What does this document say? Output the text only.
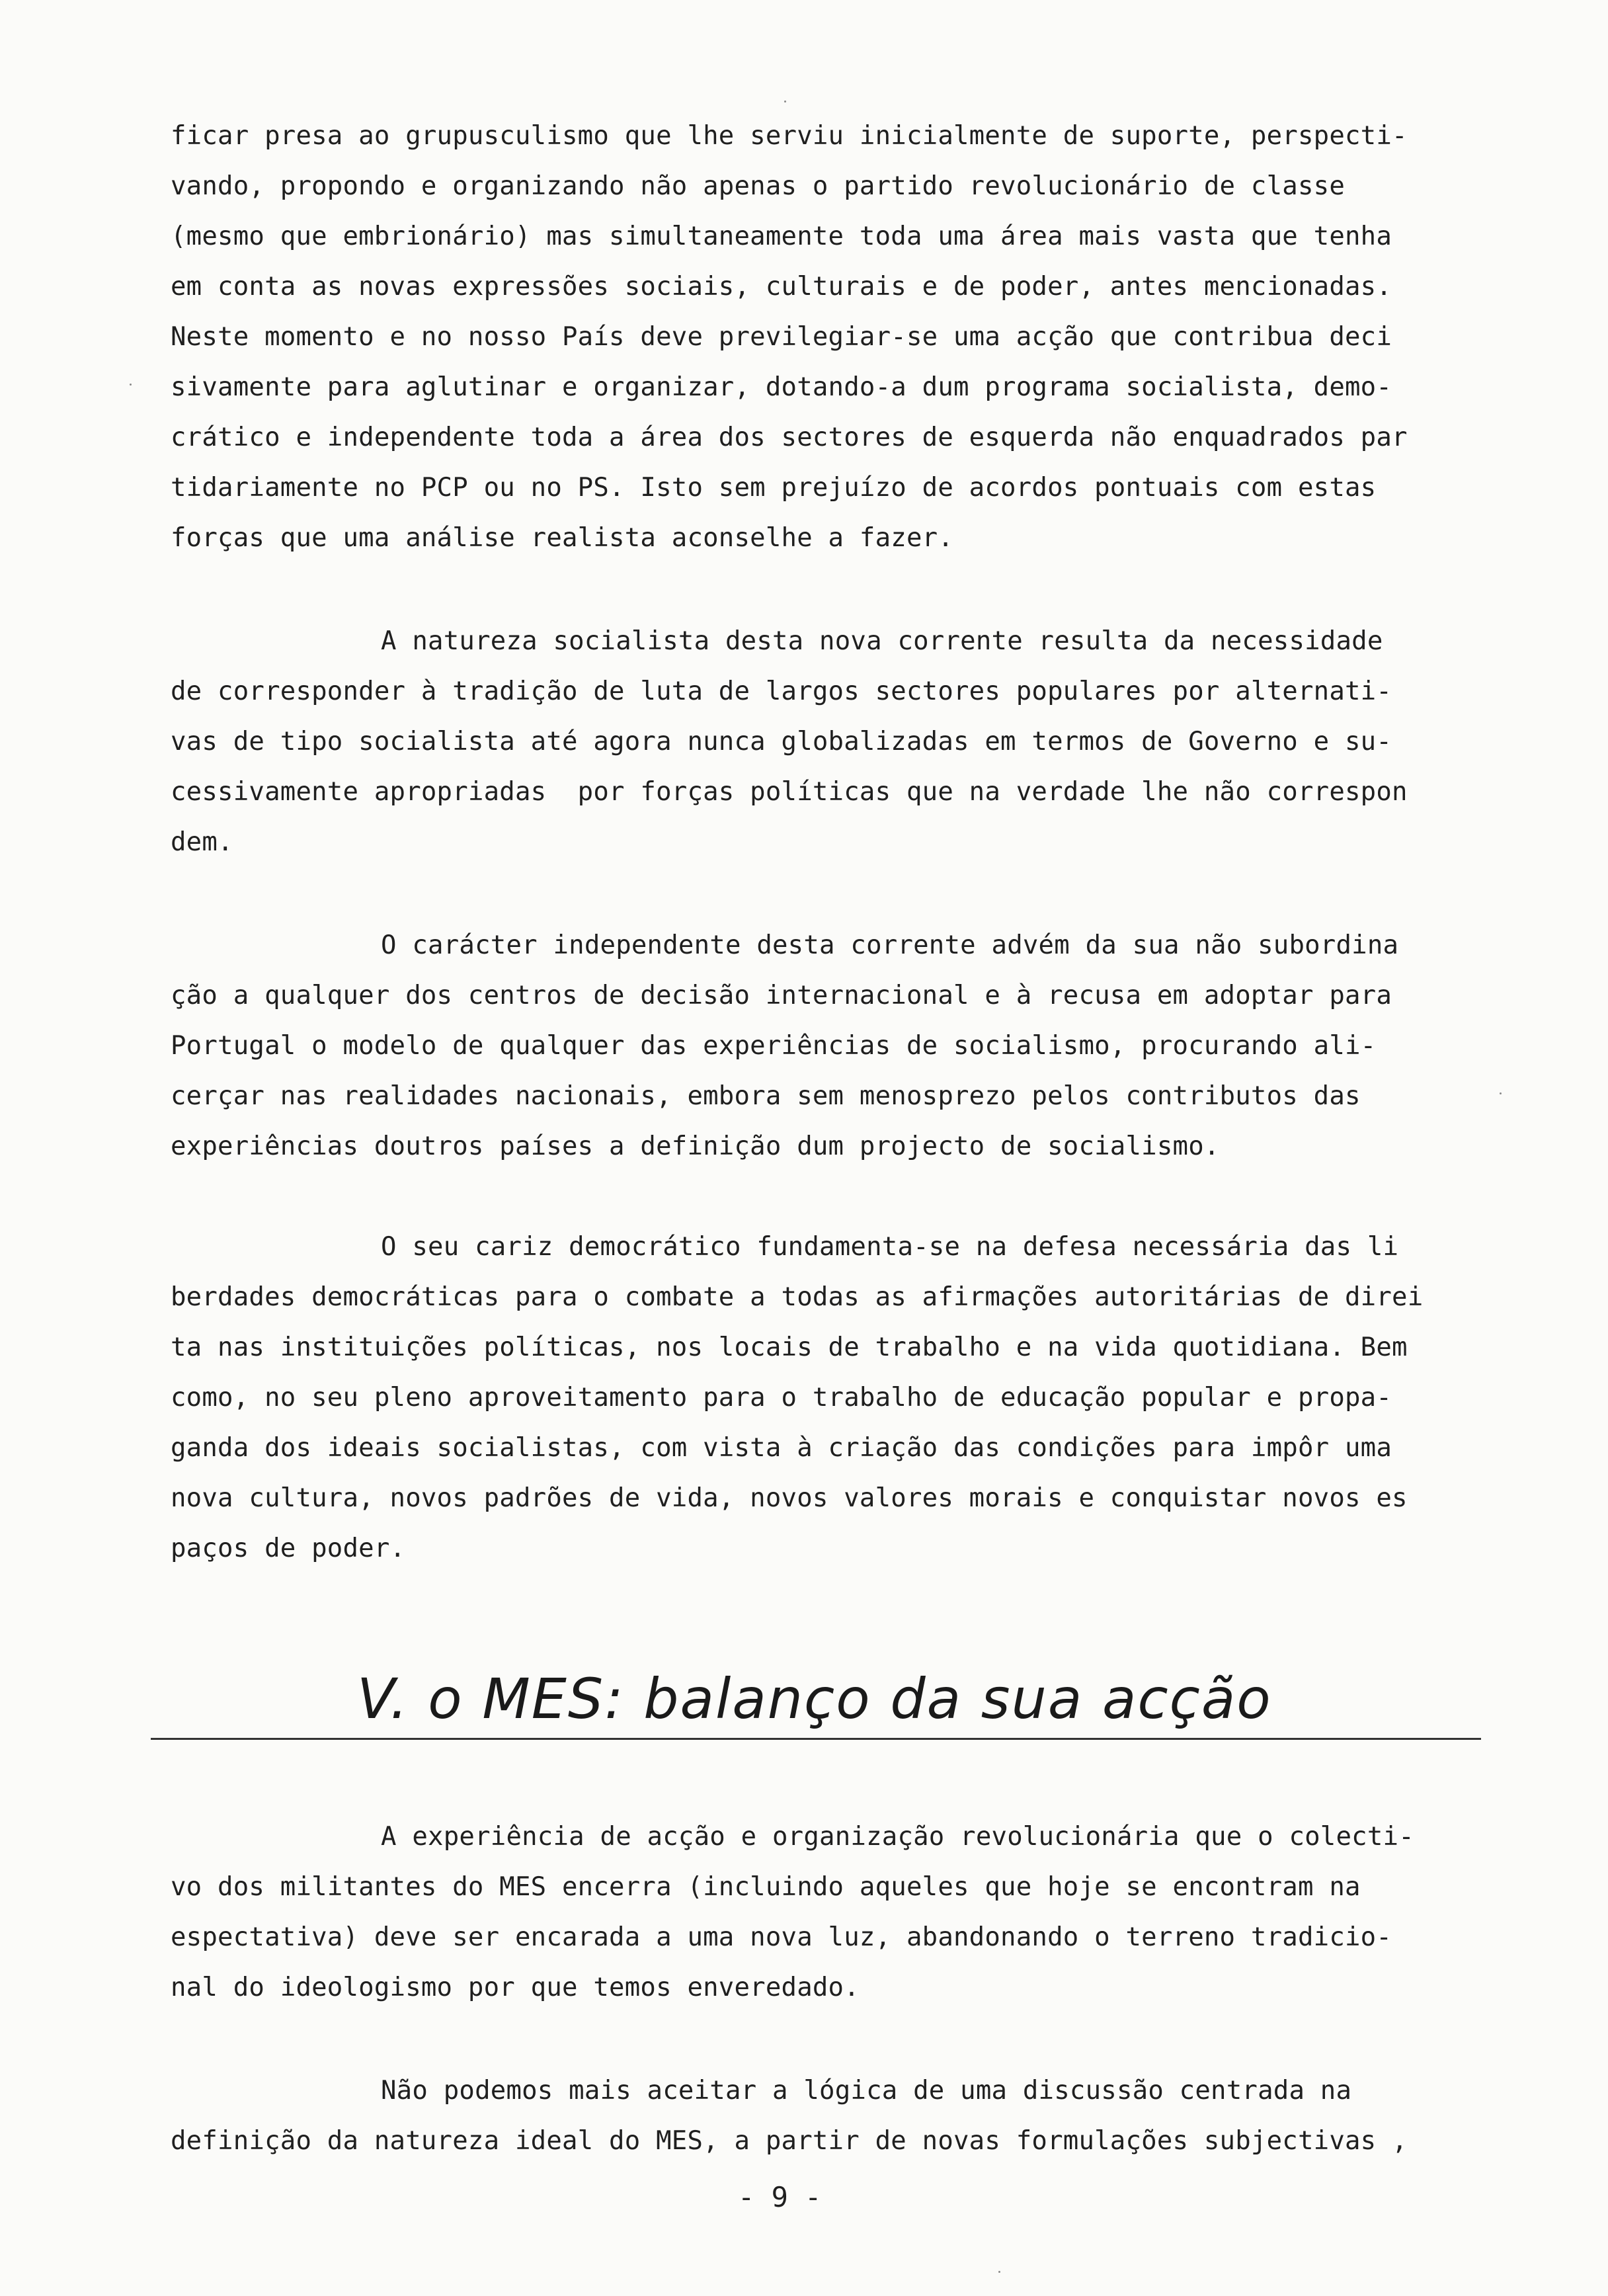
ficar presa ao grupusculismo que lhe serviu inicialmente de suporte, perspecti-
vando, propondo e organizando não apenas o partido revolucionário de classe
(mesmo que embrionário) mas simultaneamente toda uma área mais vasta que tenha
em conta as novas expressões sociais, culturais e de poder, antes mencionadas.
Neste momento e no nosso País deve previlegiar-se uma acção que contribua deci
sivamente para aglutinar e organizar, dotando-a dum programa socialista, demo-
crático e independente toda a área dos sectores de esquerda não enquadrados par
tidariamente no PCP ou no PS. Isto sem prejuízo de acordos pontuais com estas
forças que uma análise realista aconselhe a fazer.

A natureza socialista desta nova corrente resulta da necessidade
de corresponder à tradição de luta de largos sectores populares por alternati-
vas de tipo socialista até agora nunca globalizadas em termos de Governo e su-
cessivamente apropriadas  por forças políticas que na verdade lhe não correspon
dem.

O carácter independente desta corrente advém da sua não subordina
ção a qualquer dos centros de decisão internacional e à recusa em adoptar para
Portugal o modelo de qualquer das experiências de socialismo, procurando ali-
cerçar nas realidades nacionais, embora sem menosprezo pelos contributos das
experiências doutros países a definição dum projecto de socialismo.

O seu cariz democrático fundamenta-se na defesa necessária das li
berdades democráticas para o combate a todas as afirmações autoritárias de direi
ta nas instituições políticas, nos locais de trabalho e na vida quotidiana. Bem
como, no seu pleno aproveitamento para o trabalho de educação popular e propa-
ganda dos ideais socialistas, com vista à criação das condições para impôr uma
nova cultura, novos padrões de vida, novos valores morais e conquistar novos es
paços de poder.

V. o MES: balanço da sua acção

A experiência de acção e organização revolucionária que o colecti-
vo dos militantes do MES encerra (incluindo aqueles que hoje se encontram na
espectativa) deve ser encarada a uma nova luz, abandonando o terreno tradicio-
nal do ideologismo por que temos enveredado.

Não podemos mais aceitar a lógica de uma discussão centrada na
definição da natureza ideal do MES, a partir de novas formulações subjectivas ,

- 9 -
